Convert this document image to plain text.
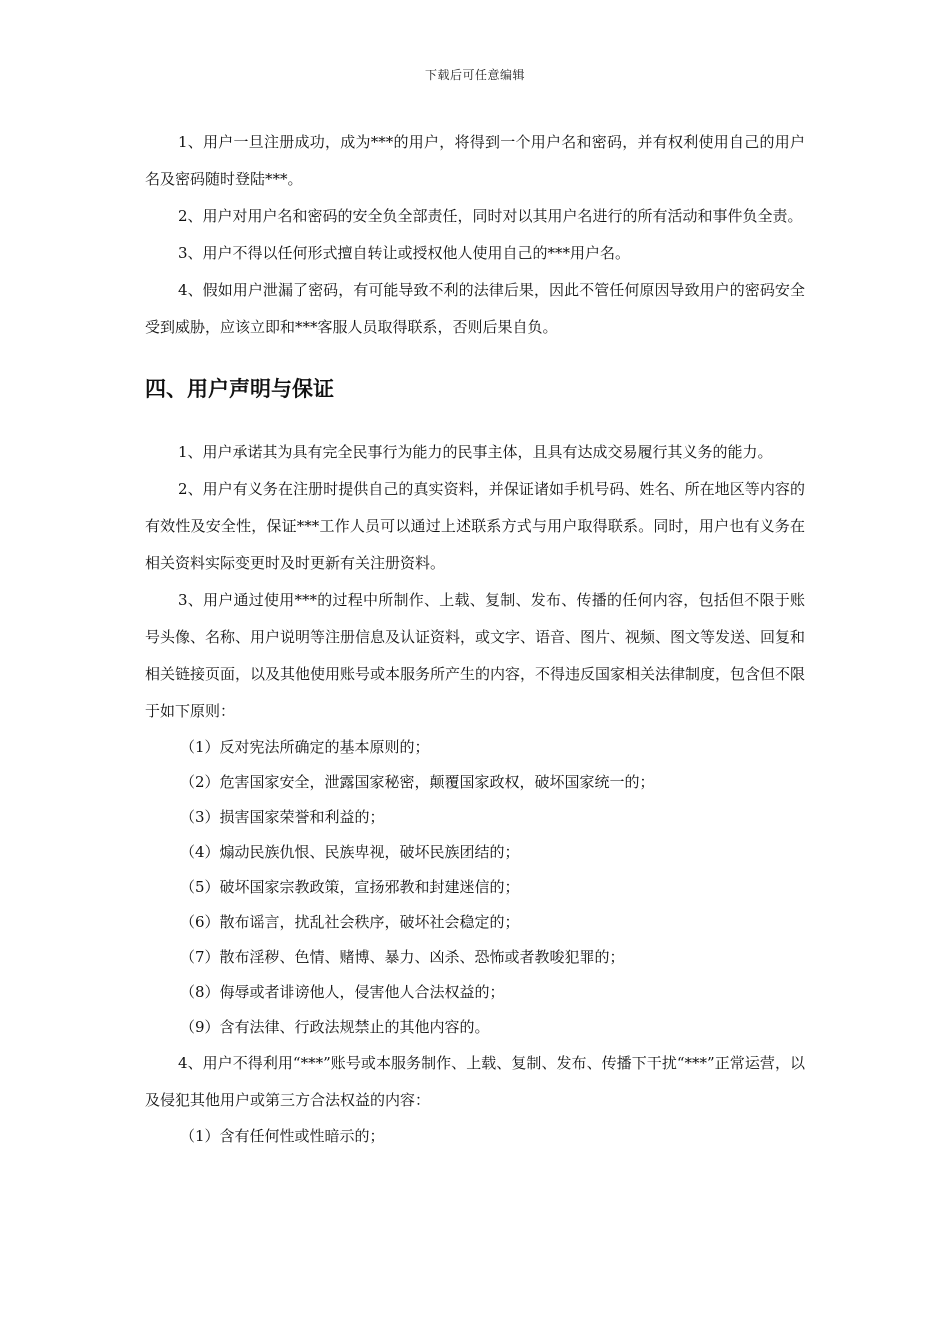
下载后可任意编辑

1、用户一旦注册成功，成为***的用户，将得到一个用户名和密码，并有权利使用自己的用户名及密码随时登陆***。

2、用户对用户名和密码的安全负全部责任，同时对以其用户名进行的所有活动和事件负全责。

3、用户不得以任何形式擅自转让或授权他人使用自己的***用户名。

4、假如用户泄漏了密码，有可能导致不利的法律后果，因此不管任何原因导致用户的密码安全受到威胁，应该立即和***客服人员取得联系，否则后果自负。

四、用户声明与保证

1、用户承诺其为具有完全民事行为能力的民事主体，且具有达成交易履行其义务的能力。

2、用户有义务在注册时提供自己的真实资料，并保证诸如手机号码、姓名、所在地区等内容的有效性及安全性，保证***工作人员可以通过上述联系方式与用户取得联系。同时，用户也有义务在相关资料实际变更时及时更新有关注册资料。

3、用户通过使用***的过程中所制作、上载、复制、发布、传播的任何内容，包括但不限于账号头像、名称、用户说明等注册信息及认证资料，或文字、语音、图片、视频、图文等发送、回复和相关链接页面，以及其他使用账号或本服务所产生的内容，不得违反国家相关法律制度，包含但不限于如下原则：

（1）反对宪法所确定的基本原则的；

（2）危害国家安全，泄露国家秘密，颠覆国家政权，破坏国家统一的；

（3）损害国家荣誉和利益的；

（4）煽动民族仇恨、民族卑视，破坏民族团结的；

（5）破坏国家宗教政策，宣扬邪教和封建迷信的；

（6）散布谣言，扰乱社会秩序，破坏社会稳定的；

（7）散布淫秽、色情、赌博、暴力、凶杀、恐怖或者教唆犯罪的；

（8）侮辱或者诽谤他人，侵害他人合法权益的；

（9）含有法律、行政法规禁止的其他内容的。

4、用户不得利用“***”账号或本服务制作、上载、复制、发布、传播下干扰“***”正常运营，以及侵犯其他用户或第三方合法权益的内容：

（1）含有任何性或性暗示的；
